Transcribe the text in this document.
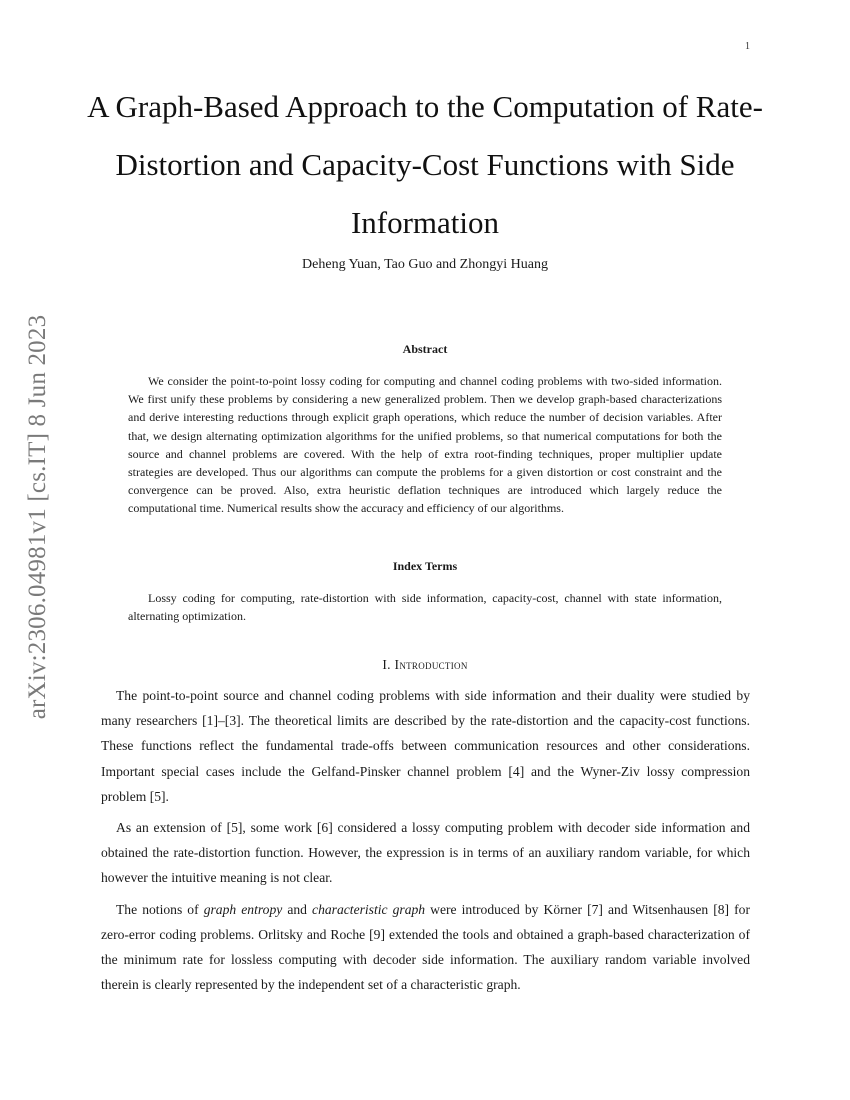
1
arXiv:2306.04981v1 [cs.IT] 8 Jun 2023
A Graph-Based Approach to the Computation of Rate-Distortion and Capacity-Cost Functions with Side Information
Deheng Yuan, Tao Guo and Zhongyi Huang
Abstract

We consider the point-to-point lossy coding for computing and channel coding problems with two-sided information. We first unify these problems by considering a new generalized problem. Then we develop graph-based characterizations and derive interesting reductions through explicit graph operations, which reduce the number of decision variables. After that, we design alternating optimization algorithms for the unified problems, so that numerical computations for both the source and channel problems are covered. With the help of extra root-finding techniques, proper multiplier update strategies are developed. Thus our algorithms can compute the problems for a given distortion or cost constraint and the convergence can be proved. Also, extra heuristic deflation techniques are introduced which largely reduce the computational time. Numerical results show the accuracy and efficiency of our algorithms.

Index Terms

Lossy coding for computing, rate-distortion with side information, capacity-cost, channel with state information, alternating optimization.

I. Introduction

The point-to-point source and channel coding problems with side information and their duality were studied by many researchers [1]–[3]. The theoretical limits are described by the rate-distortion and the capacity-cost functions. These functions reflect the fundamental trade-offs between communication resources and other considerations. Important special cases include the Gelfand-Pinsker channel problem [4] and the Wyner-Ziv lossy compression problem [5].

As an extension of [5], some work [6] considered a lossy computing problem with decoder side information and obtained the rate-distortion function. However, the expression is in terms of an auxiliary random variable, for which however the intuitive meaning is not clear.

The notions of graph entropy and characteristic graph were introduced by Körner [7] and Witsenhausen [8] for zero-error coding problems. Orlitsky and Roche [9] extended the tools and obtained a graph-based characterization of the minimum rate for lossless computing with decoder side information. The auxiliary random variable involved therein is clearly represented by the independent set of a characteristic graph.
